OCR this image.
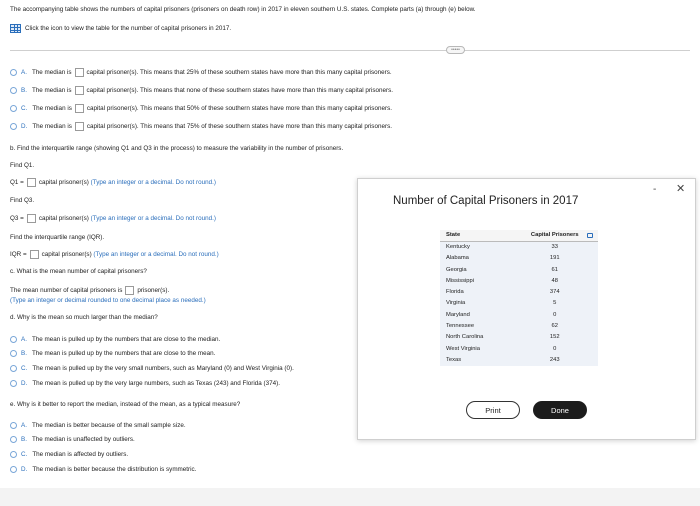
The accompanying table shows the numbers of capital prisoners (prisoners on death row) in 2017 in eleven southern U.S. states. Complete parts (a) through (e) below.
Click the icon to view the table for the number of capital prisoners in 2017.
•••••
A. The median is capital prisoner(s). This means that 25% of these southern states have more than this many capital prisoners.
B. The median is capital prisoner(s). This means that none of these southern states have more than this many capital prisoners.
C. The median is capital prisoner(s). This means that 50% of these southern states have more than this many capital prisoners.
D. The median is capital prisoner(s). This means that 75% of these southern states have more than this many capital prisoners.
b. Find the interquartile range (showing Q1 and Q3 in the process) to measure the variability in the number of prisoners.
Find Q1.
Q1 = capital prisoner(s)
(Type an integer or a decimal. Do not round.)
Find Q3.
Q3 = capital prisoner(s)
(Type an integer or a decimal. Do not round.)
Find the interquartile range (IQR).
IQR = capital prisoner(s)
(Type an integer or a decimal. Do not round.)
c. What is the mean number of capital prisoners?
The mean number of capital prisoners is prisoner(s).
(Type an integer or decimal rounded to one decimal place as needed.)
d. Why is the mean so much larger than the median?
A. The mean is pulled up by the numbers that are close to the median.
B. The mean is pulled up by the numbers that are close to the mean.
C. The mean is pulled up by the very small numbers, such as Maryland (0) and West Virginia (0).
D. The mean is pulled up by the very large numbers, such as Texas (243) and Florida (374).
e. Why is it better to report the median, instead of the mean, as a typical measure?
A. The median is better because of the small sample size.
B. The median is unaffected by outliers.
C. The median is affected by outliers.
D. The median is better because the distribution is symmetric.
Number of Capital Prisoners in 2017
- ✕
State	Capital Prisoners
Kentucky	33
Alabama	191
Georgia	61
Mississippi	48
Florida	374
Virginia	5
Maryland	0
Tennessee	62
North Carolina	152
West Virginia	0
Texas	243
Print	Done
